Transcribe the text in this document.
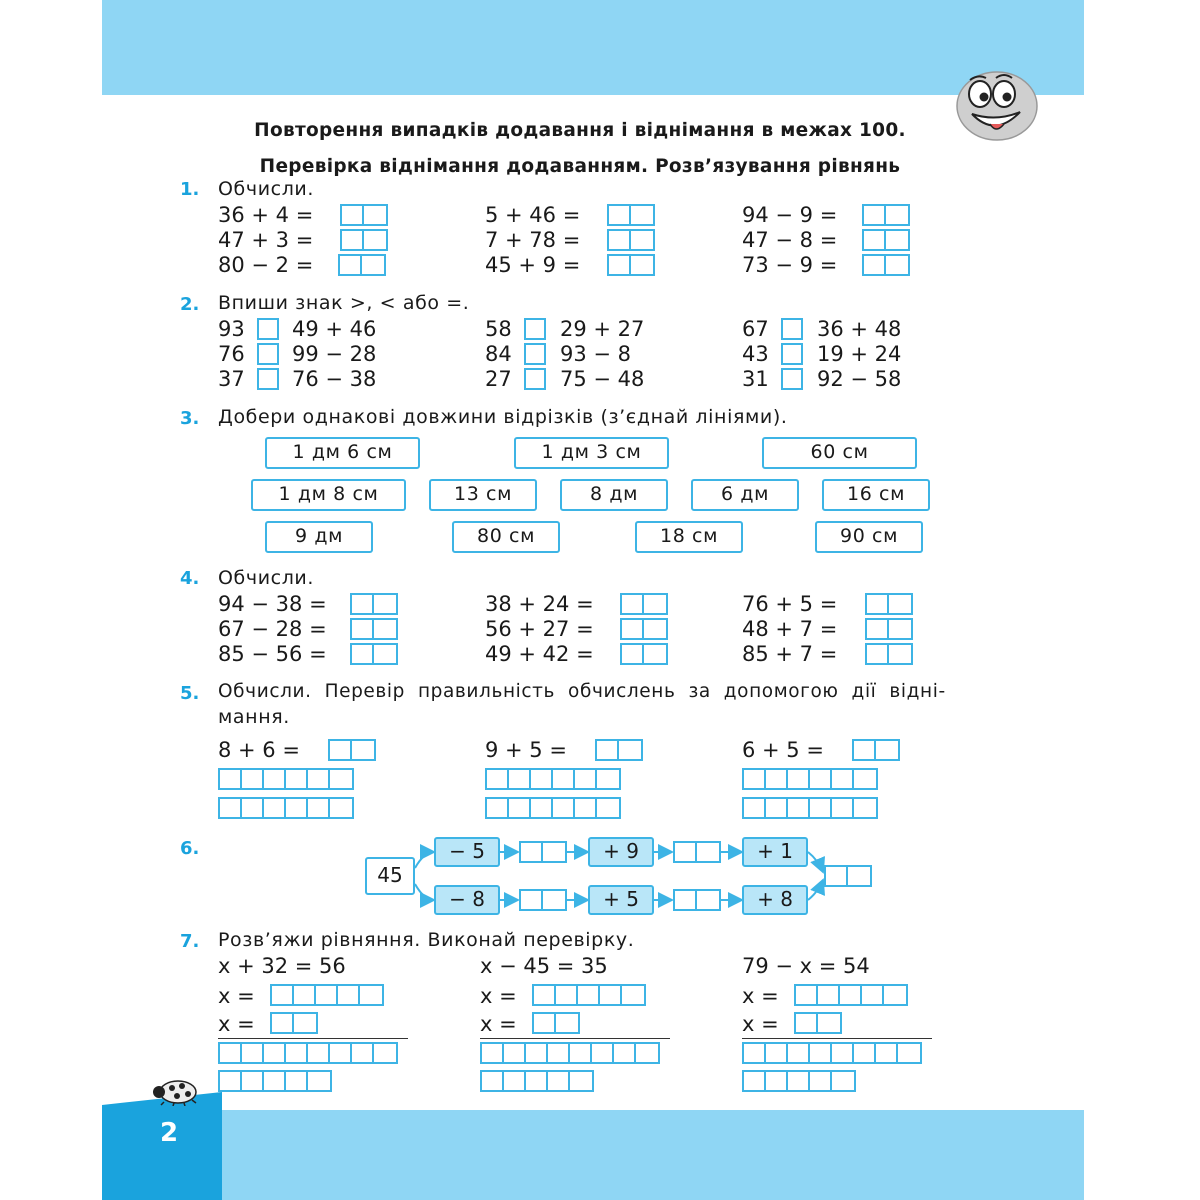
2
Повторення випадків додавання і віднімання в межах 100.
Перевірка віднімання додаванням. Розв’язування рівнянь
1. Обчисли.
36 + 4 =	5 + 46 =	94 − 9 =
47 + 3 =	7 + 78 =	47 − 8 =
80 − 2 =	45 + 9 =	73 − 9 =
2. Впиши знак >, < або =.
93 49 + 46	58 29 + 27	67 36 + 48
76 99 − 28	84 93 − 8	43 19 + 24
37 76 − 38	27 75 − 48	31 92 − 58
3. Добери однакові довжини відрізків (з’єднай лініями).
1 дм 6 см	1 дм 3 см	60 см
1 дм 8 см	13 см	8 дм	6 дм	16 см
9 дм	80 см	18 см	90 см
4. Обчисли.
94 − 38 =	38 + 24 =	76 + 5 =
67 − 28 =	56 + 27 =	48 + 7 =
85 − 56 =	49 + 42 =	85 + 7 =
5. Обчисли.  Перевір  правильність  обчислень  за  допомогою  дії  відні-
мання.
8 + 6 =	9 + 5 =	6 + 5 =
6.
45
− 5	+ 9	+ 1
− 8	+ 5	+ 8
7. Розв’яжи рівняння. Виконай перевірку.
x + 32 = 56
x =
x =
x − 45 = 35
x =
x =
79 − x = 54
x =
x =
